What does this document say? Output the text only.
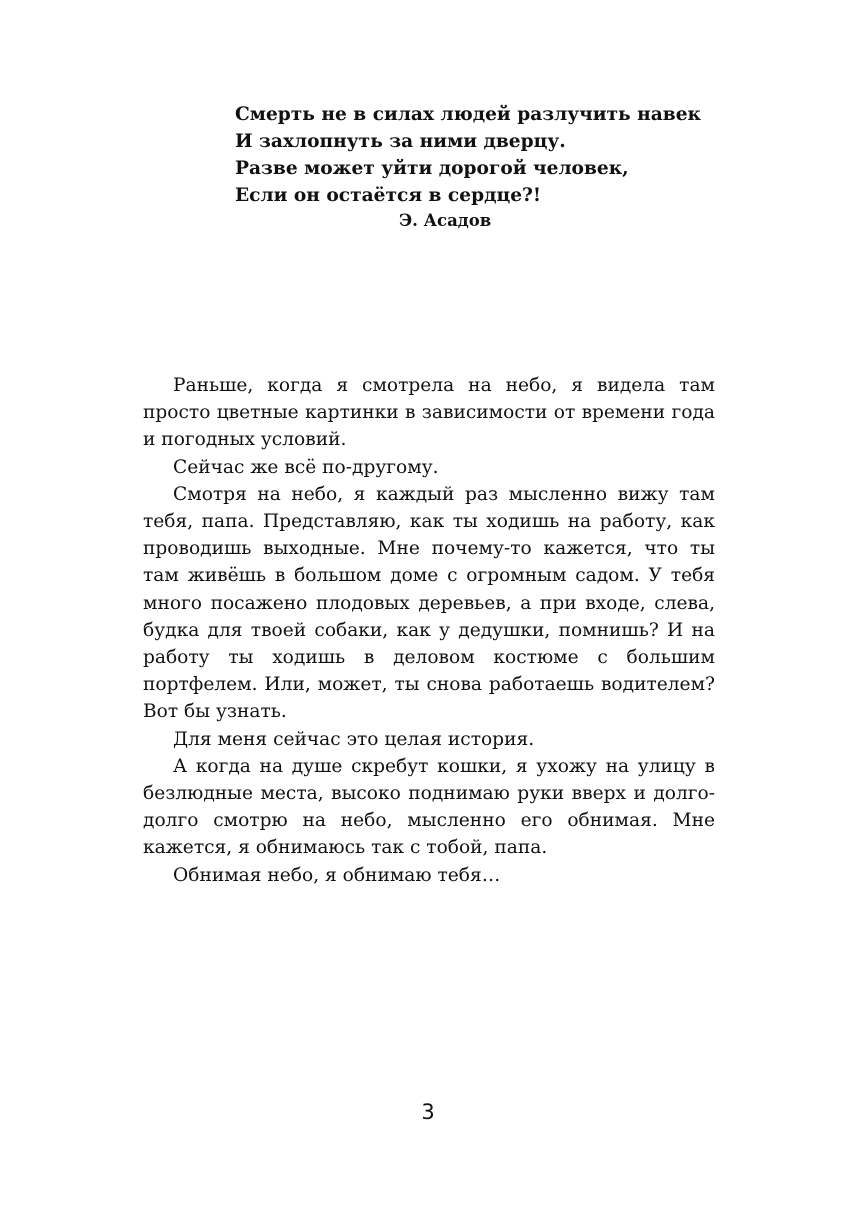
Смерть не в силах людей разлучить навек
И захлопнуть за ними дверцу.
Разве может уйти дорогой человек,
Если он остаётся в сердце?!
Э. Асадов

Раньше, когда я смотрела на небо, я видела там просто цветные картинки в зависимости от времени года и погодных условий.

Сейчас же всё по-другому.

Смотря на небо, я каждый раз мысленно вижу там тебя, папа. Представляю, как ты ходишь на работу, как проводишь выходные. Мне почему-то кажется, что ты там живёшь в большом доме с огромным садом. У тебя много посажено плодовых деревьев, а при входе, слева, будка для твоей собаки, как у дедушки, помнишь? И на работу ты ходишь в деловом костюме с большим портфелем. Или, может, ты снова работаешь водителем? Вот бы узнать.

Для меня сейчас это целая история.

А когда на душе скребут кошки, я ухожу на улицу в безлюдные места, высоко поднимаю руки вверх и долго-долго смотрю на небо, мысленно его обнимая. Мне кажется, я обнимаюсь так с тобой, папа.

Обнимая небо, я обнимаю тебя…

3
